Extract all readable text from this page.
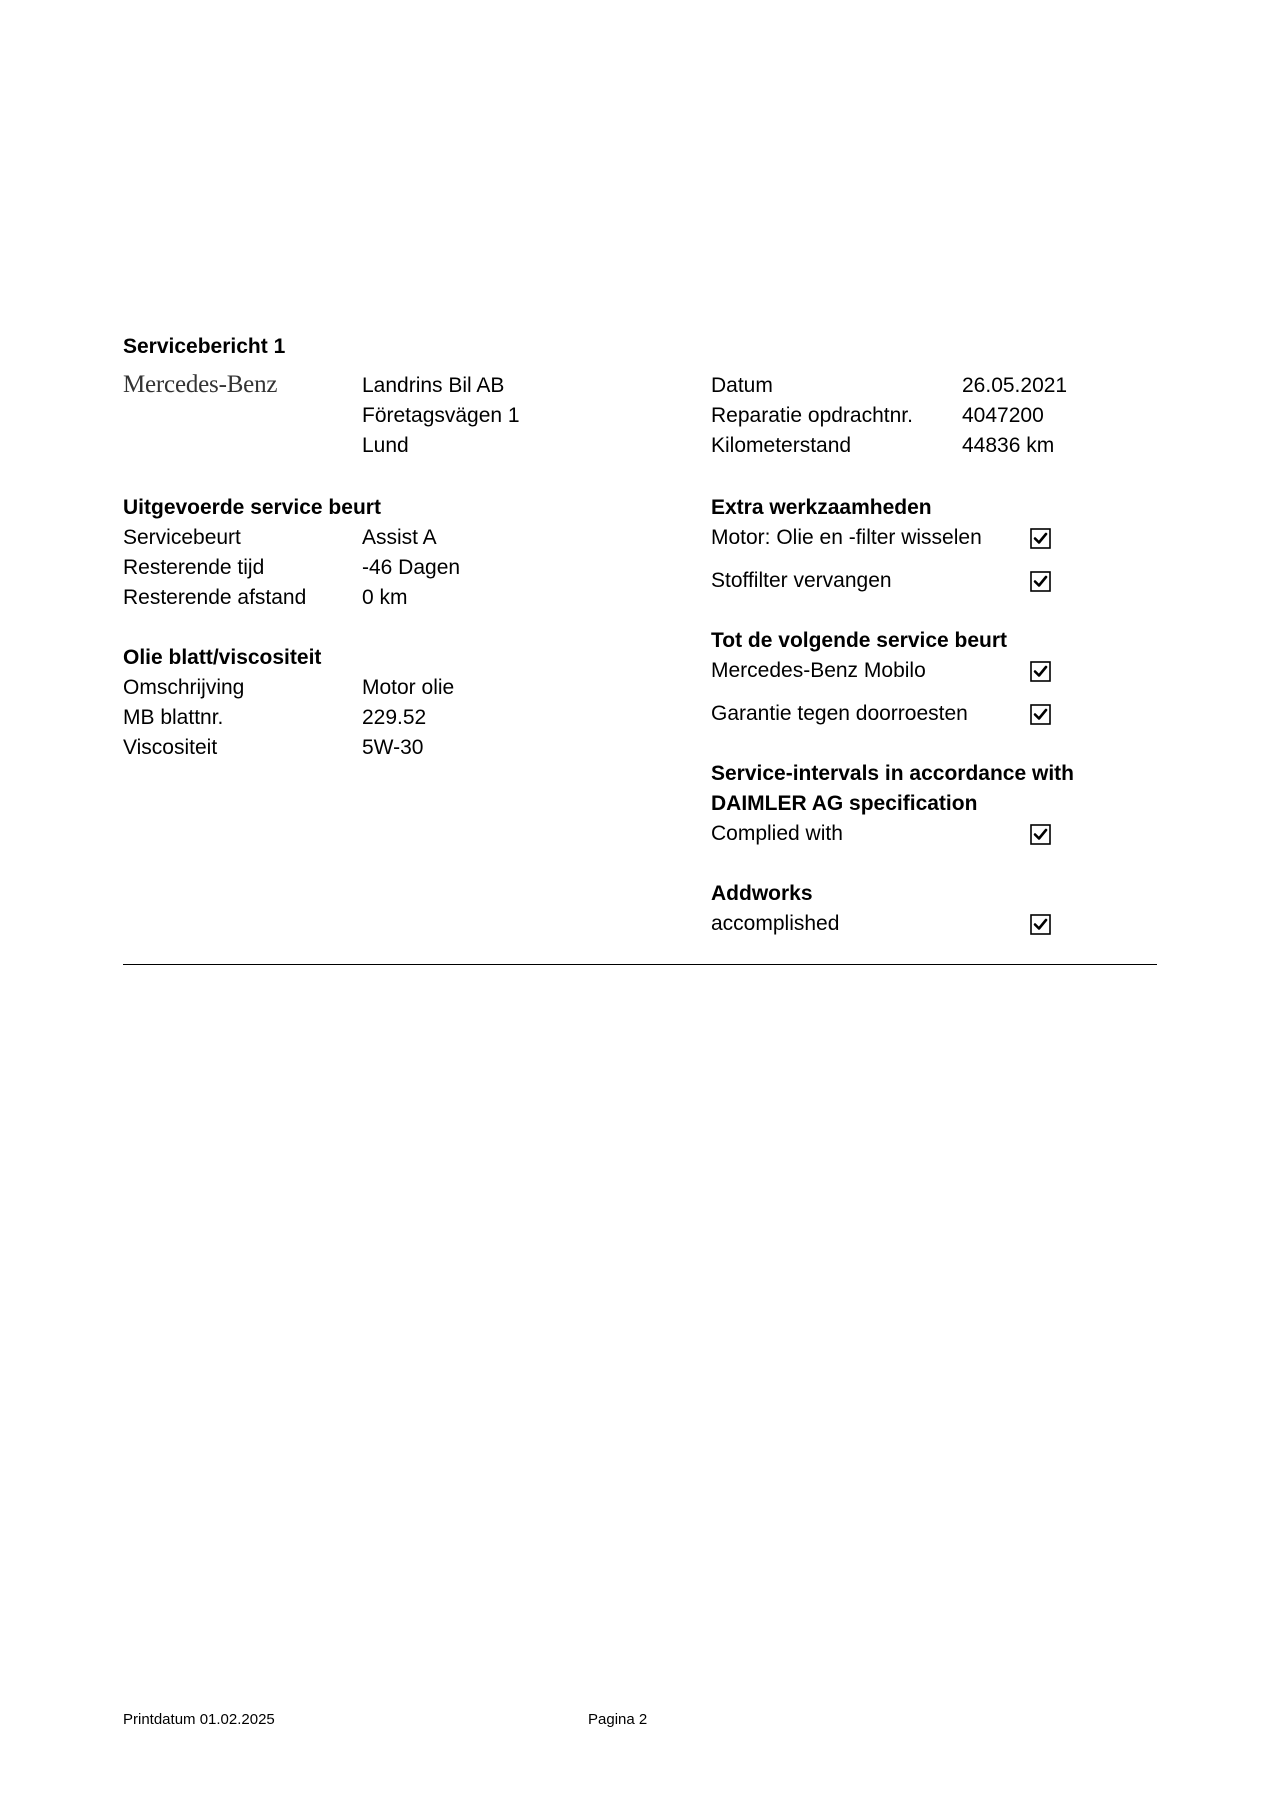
Servicebericht 1
Mercedes-Benz	Landrins Bil AB
Företagsvägen 1
Lund
Datum	26.05.2021
Reparatie opdrachtnr.	4047200
Kilometerstand	44836 km
Uitgevoerde service beurt
Servicebeurt	Assist A
Resterende tijd	-46 Dagen
Resterende afstand	0 km
Olie blatt/viscositeit
Omschrijving	Motor olie
MB blattnr.	229.52
Viscositeit	5W-30
Extra werkzaamheden
Motor: Olie en -filter wisselen
Stoffilter vervangen
Tot de volgende service beurt
Mercedes-Benz Mobilo
Garantie tegen doorroesten
Service-intervals in accordance with DAIMLER AG specification
Complied with
Addworks
accomplished
Printdatum 01.02.2025	Pagina 2
